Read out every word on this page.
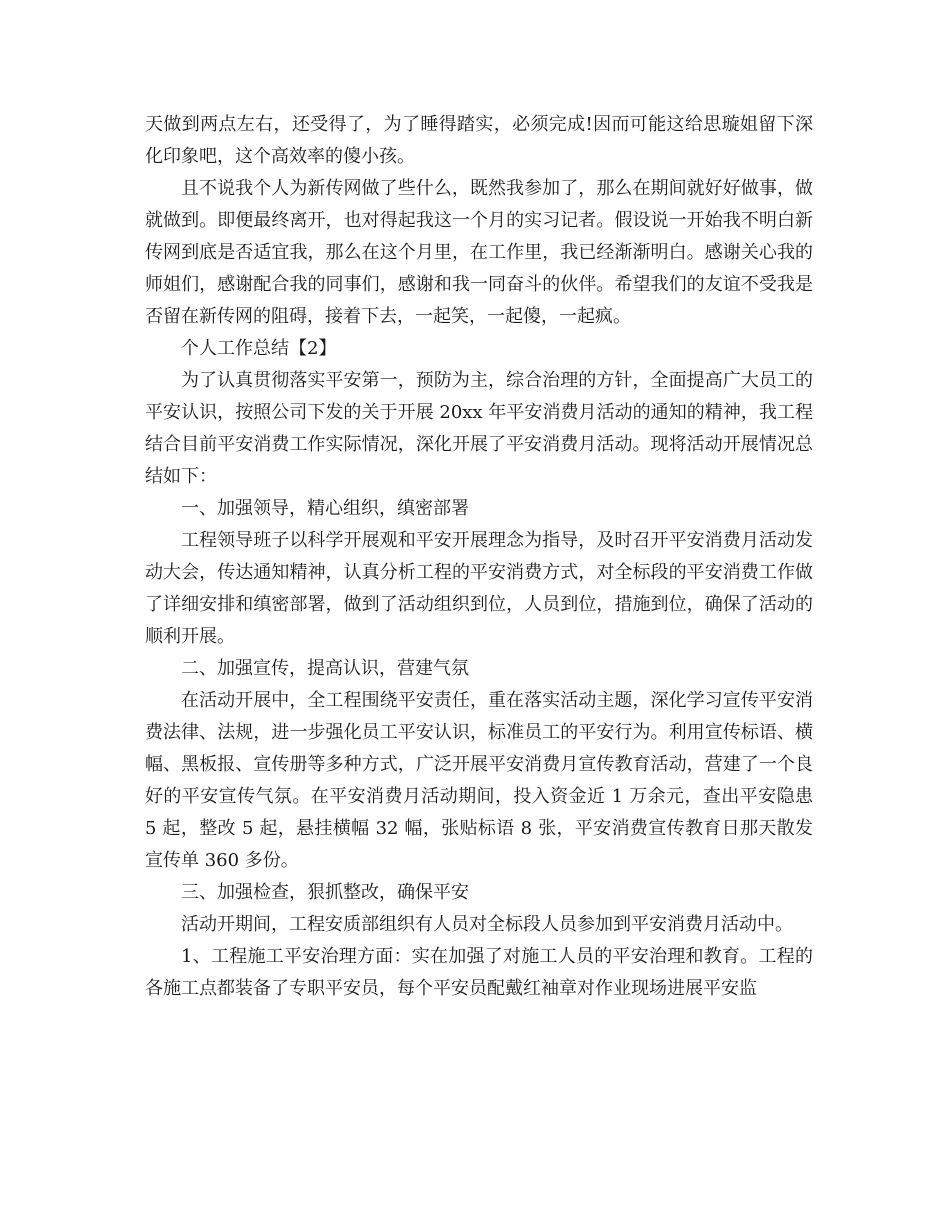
天做到两点左右，还受得了，为了睡得踏实，必须完成!因而可能这给思璇姐留下深化印象吧，这个高效率的傻小孩。

且不说我个人为新传网做了些什么，既然我参加了，那么在期间就好好做事，做就做到。即便最终离开，也对得起我这一个月的实习记者。假设说一开始我不明白新传网到底是否适宜我，那么在这个月里，在工作里，我已经渐渐明白。感谢关心我的师姐们，感谢配合我的同事们，感谢和我一同奋斗的伙伴。希望我们的友谊不受我是否留在新传网的阻碍，接着下去，一起笑，一起傻，一起疯。

个人工作总结【2】

为了认真贯彻落实平安第一，预防为主，综合治理的方针，全面提高广大员工的平安认识，按照公司下发的关于开展 20xx 年平安消费月活动的通知的精神，我工程结合目前平安消费工作实际情况，深化开展了平安消费月活动。现将活动开展情况总结如下：

一、加强领导，精心组织，缜密部署

工程领导班子以科学开展观和平安开展理念为指导，及时召开平安消费月活动发动大会，传达通知精神，认真分析工程的平安消费方式，对全标段的平安消费工作做了详细安排和缜密部署，做到了活动组织到位，人员到位，措施到位，确保了活动的顺利开展。

二、加强宣传，提高认识，营建气氛

在活动开展中，全工程围绕平安责任，重在落实活动主题，深化学习宣传平安消费法律、法规，进一步强化员工平安认识，标准员工的平安行为。利用宣传标语、横幅、黑板报、宣传册等多种方式，广泛开展平安消费月宣传教育活动，营建了一个良好的平安宣传气氛。在平安消费月活动期间，投入资金近 1 万余元，查出平安隐患 5 起，整改 5 起，悬挂横幅 32 幅，张贴标语 8 张，平安消费宣传教育日那天散发宣传单 360 多份。

三、加强检查，狠抓整改，确保平安

活动开期间，工程安质部组织有人员对全标段人员参加到平安消费月活动中。

1、工程施工平安治理方面：实在加强了对施工人员的平安治理和教育。工程的各施工点都装备了专职平安员，每个平安员配戴红袖章对作业现场进展平安监
